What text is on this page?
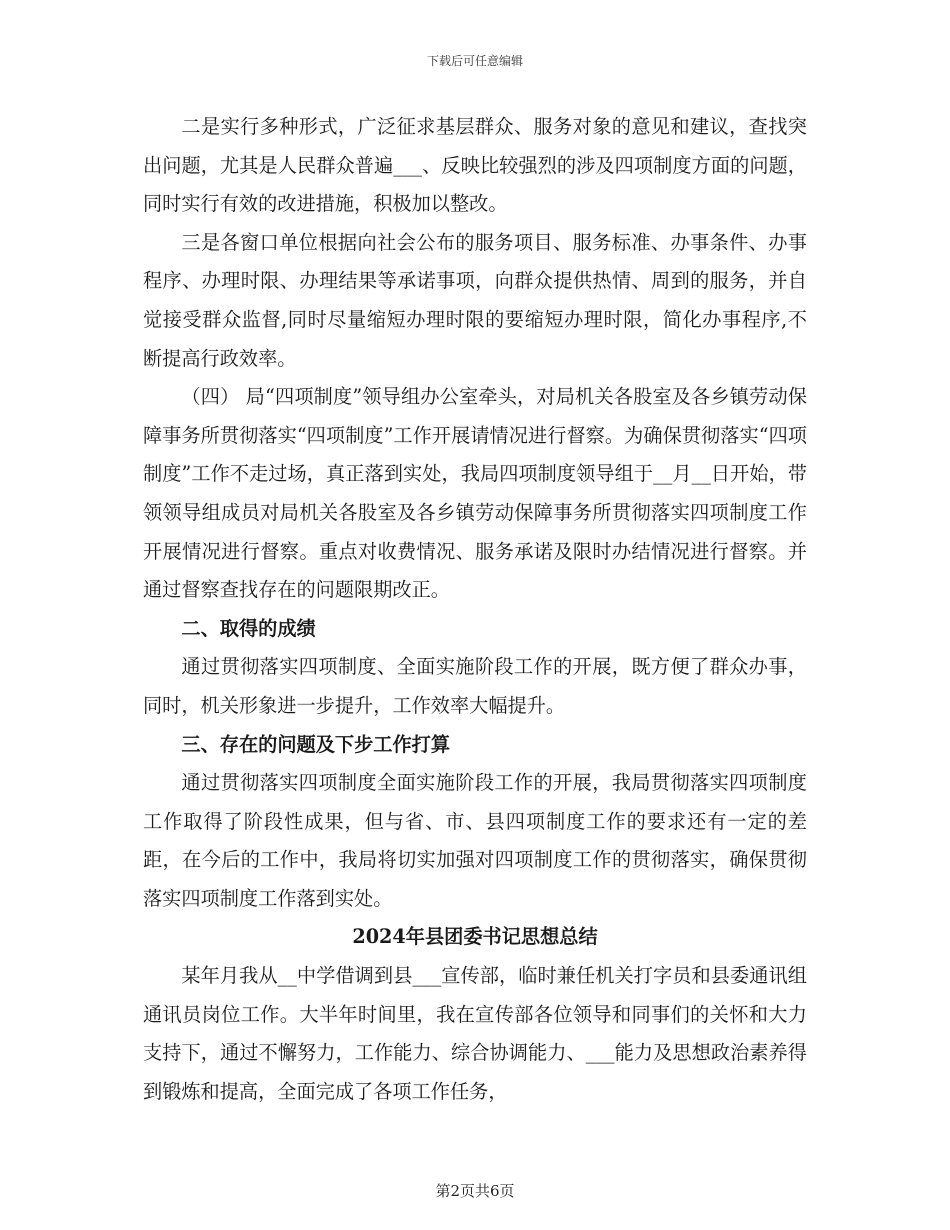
下载后可任意编辑

二是实行多种形式，广泛征求基层群众、服务对象的意见和建议，查找突出问题，尤其是人民群众普遍___、反映比较强烈的涉及四项制度方面的问题，同时实行有效的改进措施，积极加以整改。

三是各窗口单位根据向社会公布的服务项目、服务标准、办事条件、办事程序、办理时限、办理结果等承诺事项，向群众提供热情、周到的服务，并自觉接受群众监督,同时尽量缩短办理时限的要缩短办理时限，简化办事程序,不断提高行政效率。

（四） 局“四项制度”领导组办公室牵头，对局机关各股室及各乡镇劳动保障事务所贯彻落实“四项制度”工作开展请情况进行督察。为确保贯彻落实“四项制度”工作不走过场，真正落到实处，我局四项制度领导组于__月__日开始，带领领导组成员对局机关各股室及各乡镇劳动保障事务所贯彻落实四项制度工作开展情况进行督察。重点对收费情况、服务承诺及限时办结情况进行督察。并通过督察查找存在的问题限期改正。

二、取得的成绩

通过贯彻落实四项制度、全面实施阶段工作的开展，既方便了群众办事，同时，机关形象进一步提升，工作效率大幅提升。

三、存在的问题及下步工作打算

通过贯彻落实四项制度全面实施阶段工作的开展，我局贯彻落实四项制度工作取得了阶段性成果，但与省、市、县四项制度工作的要求还有一定的差距，在今后的工作中，我局将切实加强对四项制度工作的贯彻落实，确保贯彻落实四项制度工作落到实处。

2024年县团委书记思想总结

某年月我从__中学借调到县___宣传部，临时兼任机关打字员和县委通讯组通讯员岗位工作。大半年时间里，我在宣传部各位领导和同事们的关怀和大力支持下，通过不懈努力，工作能力、综合协调能力、___能力及思想政治素养得到锻炼和提高，全面完成了各项工作任务，

第2页共6页
